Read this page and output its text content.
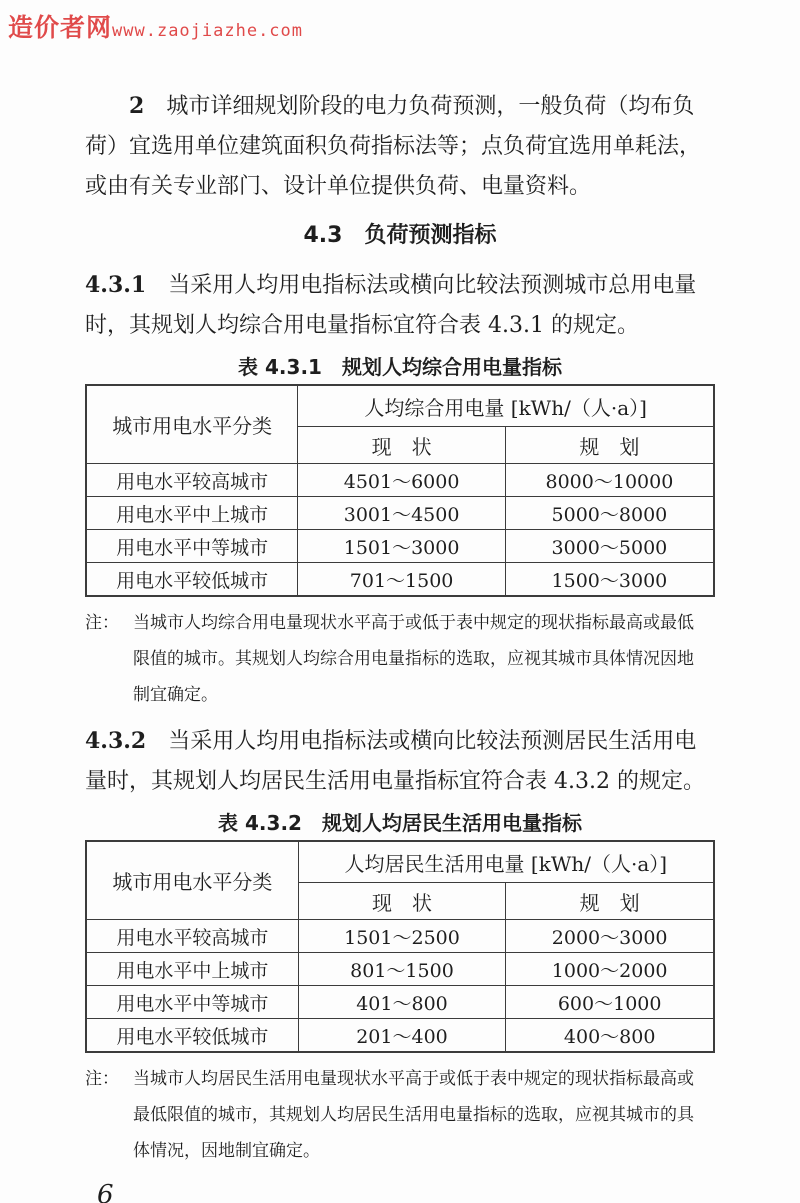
造价者网www.zaojiazhe.com
2 城市详细规划阶段的电力负荷预测，一般负荷（均布负
荷）宜选用单位建筑面积负荷指标法等；点负荷宜选用单耗法，
或由有关专业部门、设计单位提供负荷、电量资料。
4.3　负荷预测指标
4.3.1 当采用人均用电指标法或横向比较法预测城市总用电量
时，其规划人均综合用电量指标宜符合表 4.3.1 的规定。
表 4.3.1　规划人均综合用电量指标
城市用电水平分类	人均综合用电量 [kWh/（人·a）]	
	现　状	规　划
用电水平较高城市	4501～6000	8000～10000
用电水平中上城市	3001～4500	5000～8000
用电水平中等城市	1501～3000	3000～5000
用电水平较低城市	701～1500	1500～3000
注： 当城市人均综合用电量现状水平高于或低于表中规定的现状指标最高或最低
限值的城市。其规划人均综合用电量指标的选取，应视其城市具体情况因地
制宜确定。
4.3.2 当采用人均用电指标法或横向比较法预测居民生活用电
量时，其规划人均居民生活用电量指标宜符合表 4.3.2 的规定。
表 4.3.2　规划人均居民生活用电量指标
城市用电水平分类	人均居民生活用电量 [kWh/（人·a）]	
	现　状	规　划
用电水平较高城市	1501～2500	2000～3000
用电水平中上城市	801～1500	1000～2000
用电水平中等城市	401～800	600～1000
用电水平较低城市	201～400	400～800
注： 当城市人均居民生活用电量现状水平高于或低于表中规定的现状指标最高或
最低限值的城市，其规划人均居民生活用电量指标的选取，应视其城市的具
体情况，因地制宜确定。
6
